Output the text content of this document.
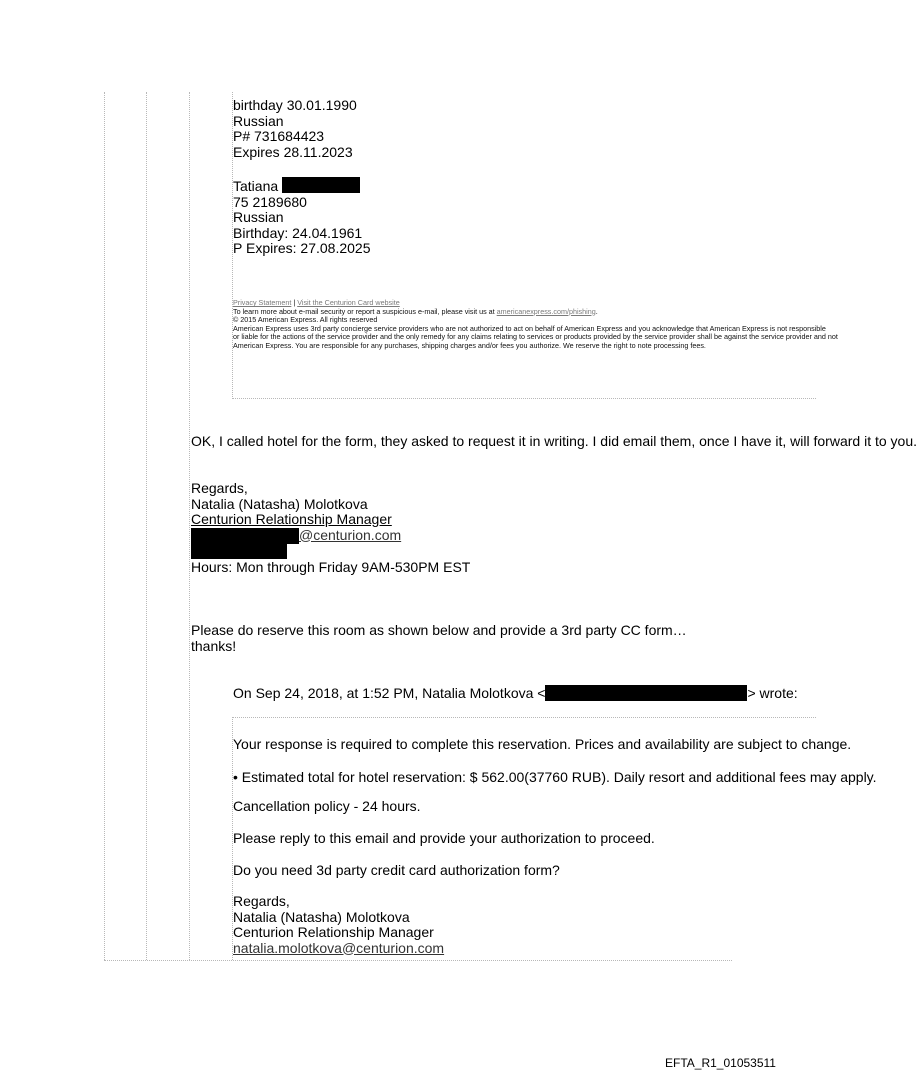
birthday 30.01.1990
Russian
P# 731684423
Expires 28.11.2023
Tatiana
75 2189680
Russian
Birthday: 24.04.1961
P Expires: 27.08.2025
Privacy Statement | Visit the Centurion Card website
To learn more about e-mail security or report a suspicious e-mail, please visit us at americanexpress.com/phishing.
© 2015 American Express. All rights reserved
American Express uses 3rd party concierge service providers who are not authorized to act on behalf of American Express and you acknowledge that American Express is not responsible
or liable for the actions of the service provider and the only remedy for any claims relating to services or products provided by the service provider shall be against the service provider and not
American Express. You are responsible for any purchases, shipping charges and/or fees you authorize. We reserve the right to note processing fees.
OK, I called hotel for the form, they asked to request it in writing. I did email them, once I have it, will forward it to you.
Regards,
Natalia (Natasha) Molotkova
Centurion Relationship Manager
@centurion.com
Hours: Mon through Friday 9AM-530PM EST
Please do reserve this room as shown below and provide a 3rd party CC form…
thanks!
On Sep 24, 2018, at 1:52 PM, Natalia Molotkova <	> wrote:
Your response is required to complete this reservation. Prices and availability are subject to change.
• Estimated total for hotel reservation: $ 562.00(37760 RUB). Daily resort and additional fees may apply.
Cancellation policy - 24 hours.
Please reply to this email and provide your authorization to proceed.
Do you need 3d party credit card authorization form?
Regards,
Natalia (Natasha) Molotkova
Centurion Relationship Manager
natalia.molotkova@centurion.com
EFTA_R1_01053511
